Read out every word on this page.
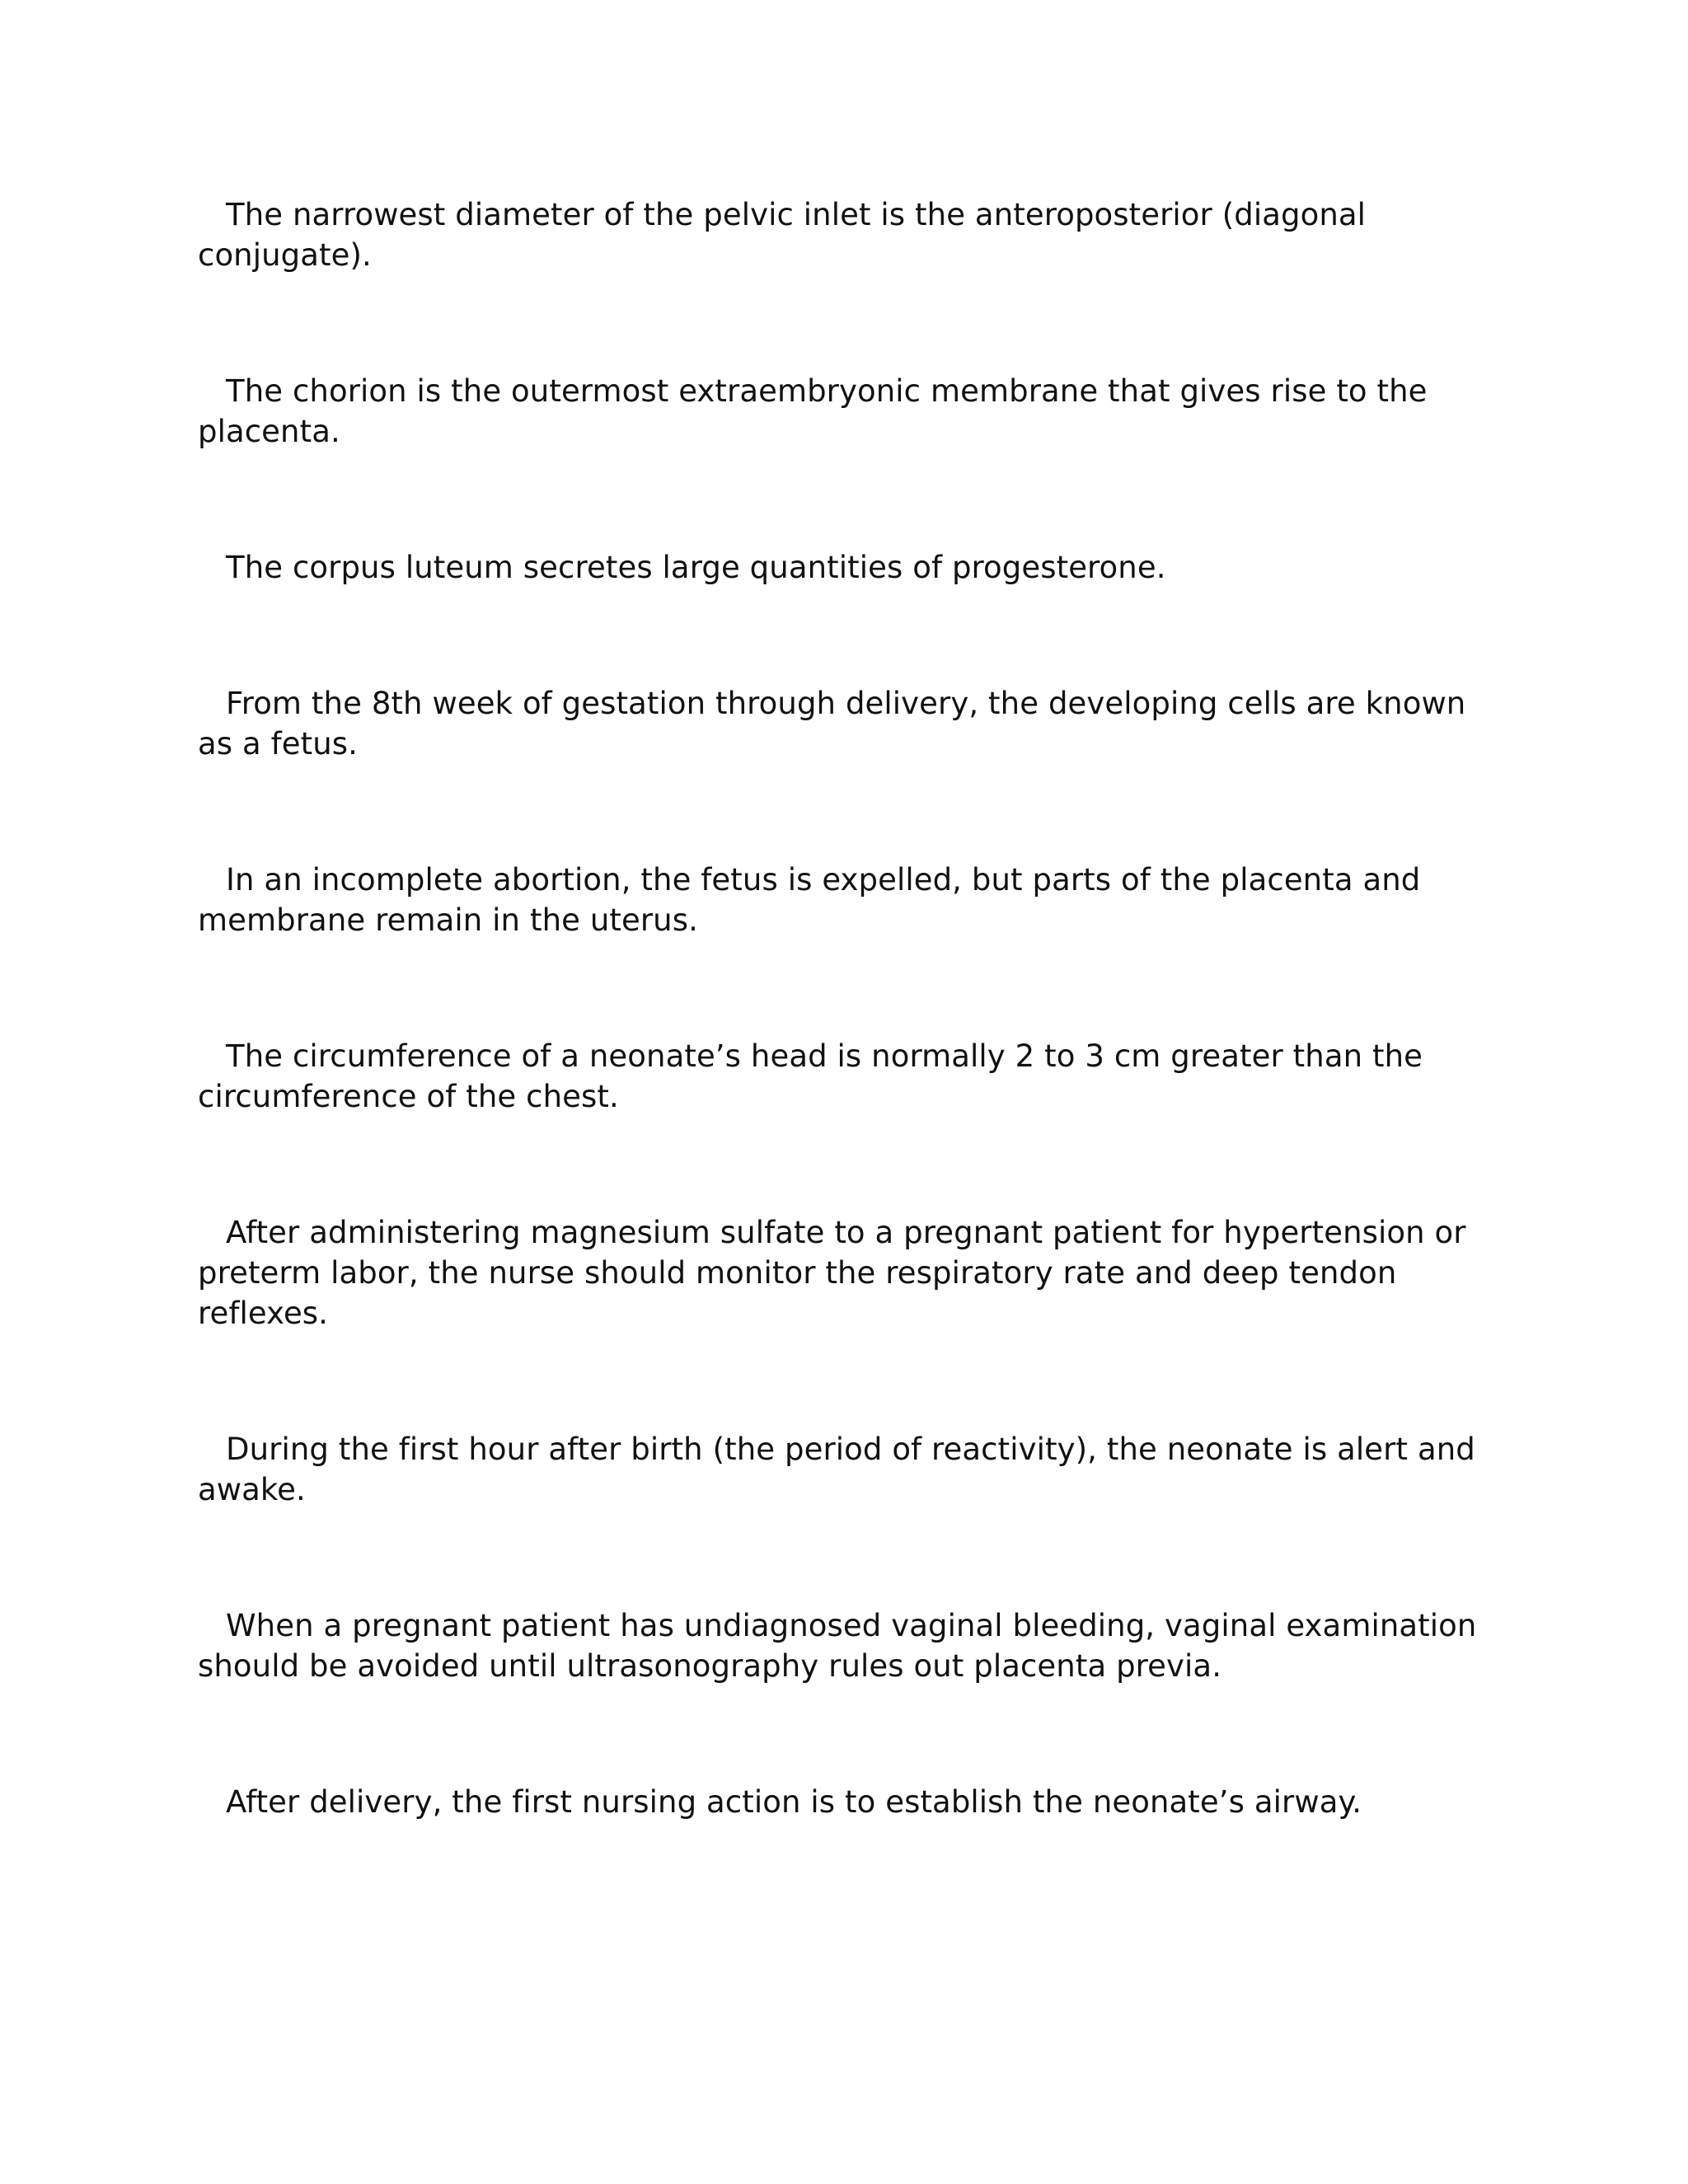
The narrowest diameter of the pelvic inlet is the anteroposterior (diagonal conjugate).

The chorion is the outermost extraembryonic membrane that gives rise to the placenta.

The corpus luteum secretes large quantities of progesterone.

From the 8th week of gestation through delivery, the developing cells are known as a fetus.

In an incomplete abortion, the fetus is expelled, but parts of the placenta and membrane remain in the uterus.

The circumference of a neonate’s head is normally 2 to 3 cm greater than the circumference of the chest.

After administering magnesium sulfate to a pregnant patient for hypertension or preterm labor, the nurse should monitor the respiratory rate and deep tendon reflexes.

During the first hour after birth (the period of reactivity), the neonate is alert and awake.

When a pregnant patient has undiagnosed vaginal bleeding, vaginal examination should be avoided until ultrasonography rules out placenta previa.

After delivery, the first nursing action is to establish the neonate’s airway.
